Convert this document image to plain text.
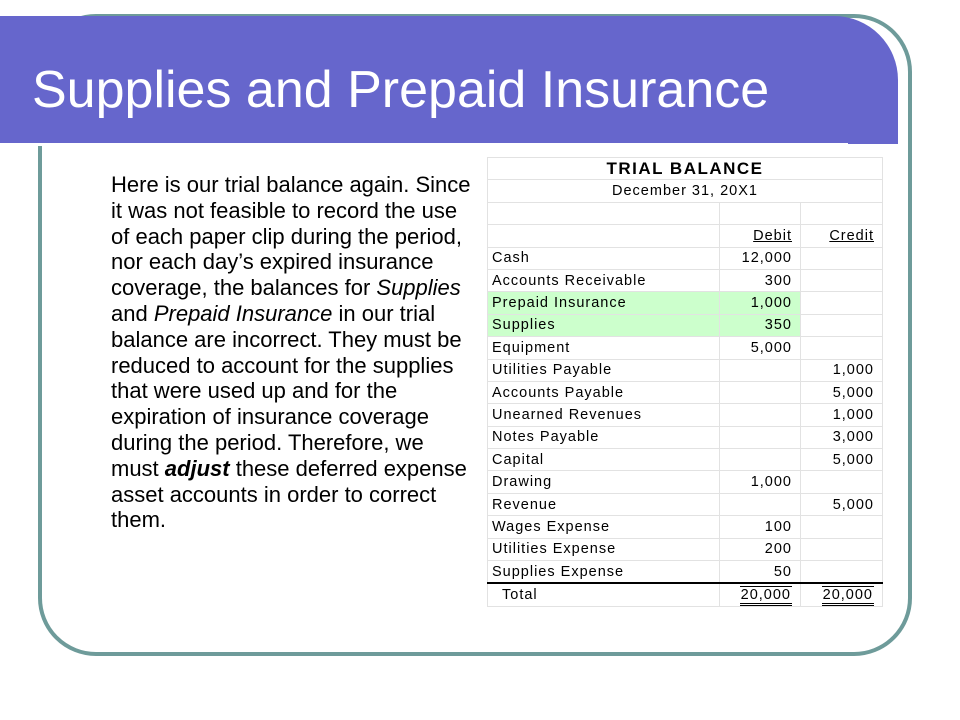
Supplies and Prepaid Insurance

Here is our trial balance again. Since it was not feasible to record the use of each paper clip during the period, nor each day’s expired insurance coverage, the balances for Supplies and Prepaid Insurance in our trial balance are incorrect. They must be reduced to account for the supplies that were used up and for the expiration of insurance coverage during the period. Therefore, we must adjust these deferred expense asset accounts in order to correct them.

TRIAL BALANCE		
December 31, 20X1		

	Debit	Credit
Cash	12,000	
Accounts Receivable	300	
Prepaid Insurance	1,000	
Supplies	350	
Equipment	5,000	
Utilities Payable		1,000
Accounts Payable		5,000
Unearned Revenues		1,000
Notes Payable		3,000
Capital		5,000
Drawing	1,000	
Revenue		5,000
Wages Expense	100	
Utilities Expense	200	
Supplies Expense	50	
Total	20,000	20,000
